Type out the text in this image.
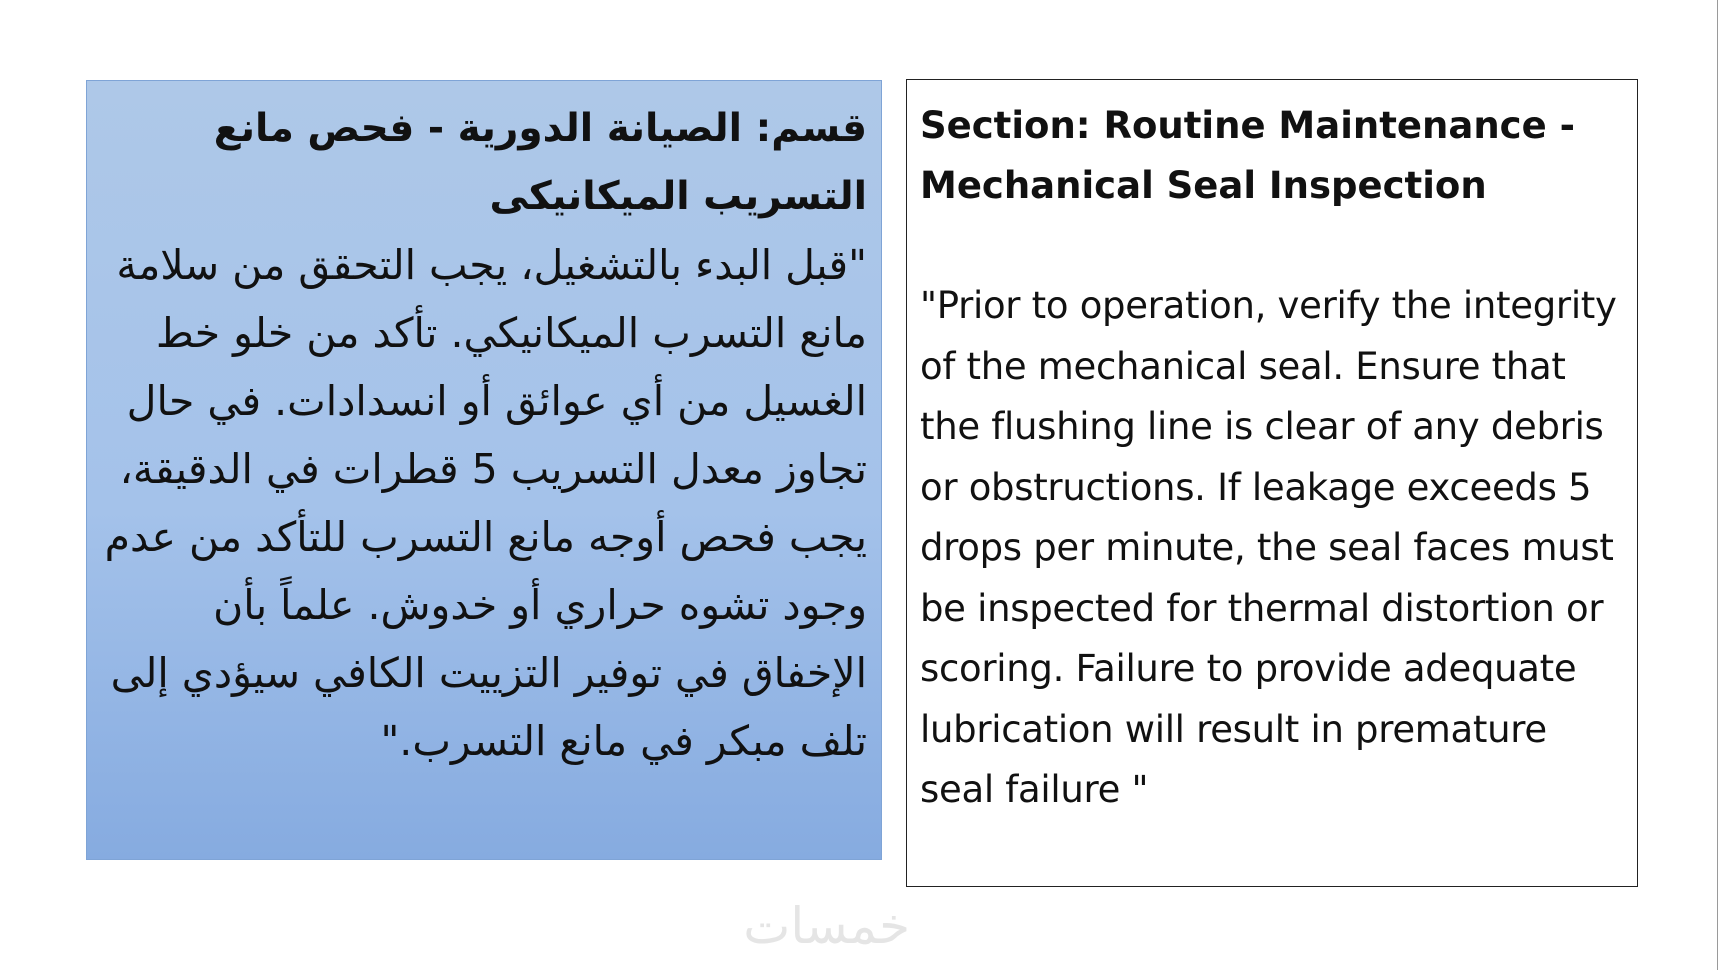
قسم: الصيانة الدورية - فحص مانع التسريب الميكانيكى

"قبل البدء بالتشغيل، يجب التحقق من سلامة مانع التسرب الميكانيكي. تأكد من خلو خط الغسيل من أي عوائق أو انسدادات. في حال تجاوز معدل التسريب 5 قطرات في الدقيقة، يجب فحص أوجه مانع التسرب للتأكد من عدم وجود تشوه حراري أو خدوش. علماً بأن الإخفاق في توفير التزييت الكافي سيؤدي إلى تلف مبكر في مانع التسرب."

Section: Routine Maintenance - Mechanical Seal Inspection

"Prior to operation, verify the integrity of the mechanical seal. Ensure that the flushing line is clear of any debris or obstructions. If leakage exceeds 5 drops per minute, the seal faces must be inspected for thermal distortion or scoring. Failure to provide adequate lubrication will result in premature seal failure "

خمسات
